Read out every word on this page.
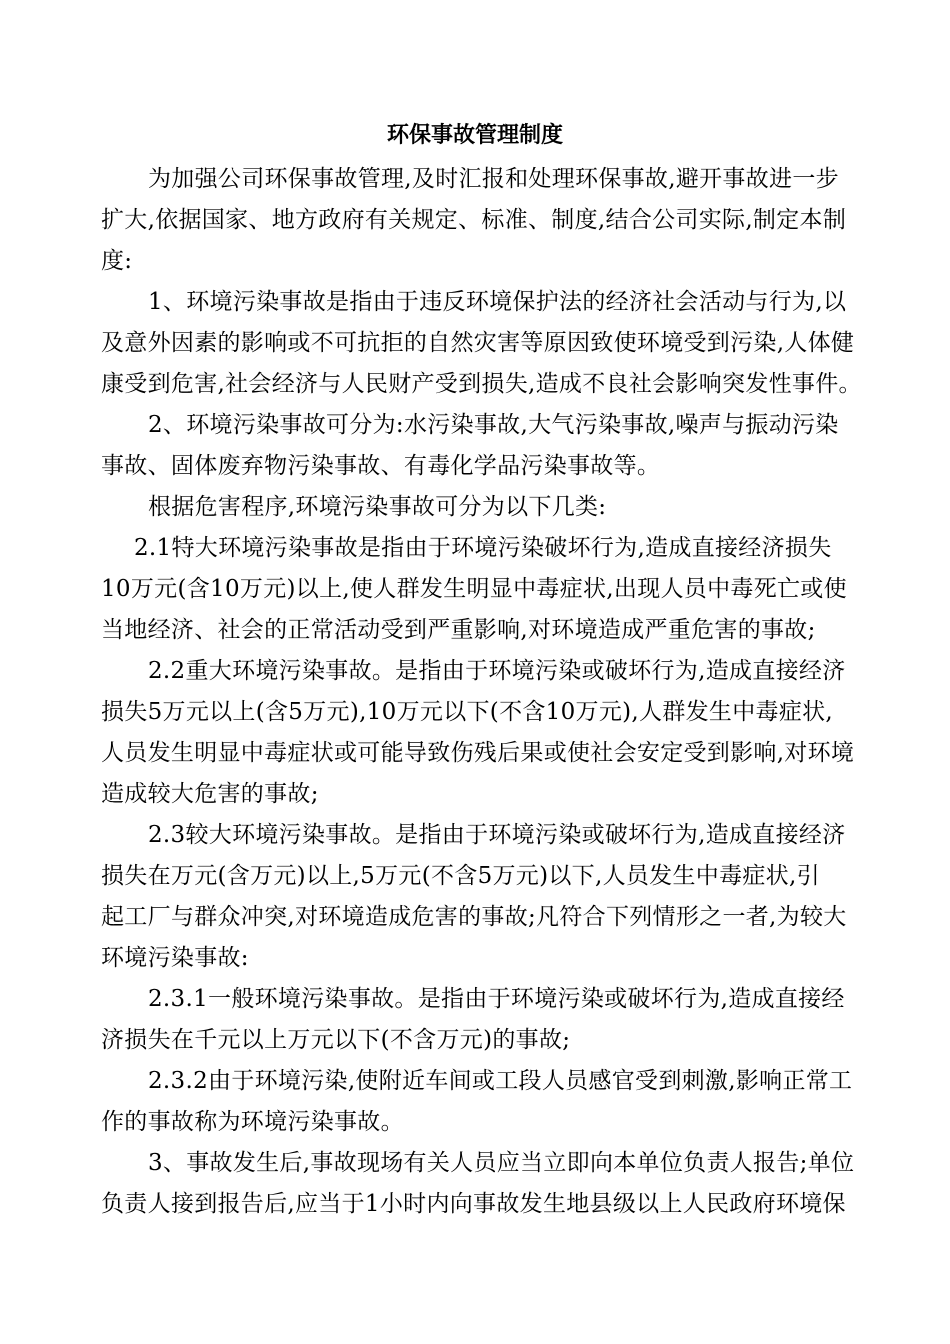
环保事故管理制度
为加强公司环保事故管理,及时汇报和处理环保事故,避开事故进一步
扩大,依据国家、地方政府有关规定、标准、制度,结合公司实际,制定本制
度:
1、环境污染事故是指由于违反环境保护法的经济社会活动与行为,以
及意外因素的影响或不可抗拒的自然灾害等原因致使环境受到污染,人体健
康受到危害,社会经济与人民财产受到损失,造成不良社会影响突发性事件。
2、环境污染事故可分为:水污染事故,大气污染事故,噪声与振动污染
事故、固体废弃物污染事故、有毒化学品污染事故等。
根据危害程序,环境污染事故可分为以下几类:
2.1特大环境污染事故是指由于环境污染破坏行为,造成直接经济损失
10万元(含10万元)以上,使人群发生明显中毒症状,出现人员中毒死亡或使
当地经济、社会的正常活动受到严重影响,对环境造成严重危害的事故;
2.2重大环境污染事故。是指由于环境污染或破坏行为,造成直接经济
损失5万元以上(含5万元),10万元以下(不含10万元),人群发生中毒症状,
人员发生明显中毒症状或可能导致伤残后果或使社会安定受到影响,对环境
造成较大危害的事故;
2.3较大环境污染事故。是指由于环境污染或破坏行为,造成直接经济
损失在万元(含万元)以上,5万元(不含5万元)以下,人员发生中毒症状,引
起工厂与群众冲突,对环境造成危害的事故;凡符合下列情形之一者,为较大
环境污染事故:
2.3.1一般环境污染事故。是指由于环境污染或破坏行为,造成直接经
济损失在千元以上万元以下(不含万元)的事故;
2.3.2由于环境污染,使附近车间或工段人员感官受到刺激,影响正常工
作的事故称为环境污染事故。
3、事故发生后,事故现场有关人员应当立即向本单位负责人报告;单位
负责人接到报告后,应当于1小时内向事故发生地县级以上人民政府环境保
